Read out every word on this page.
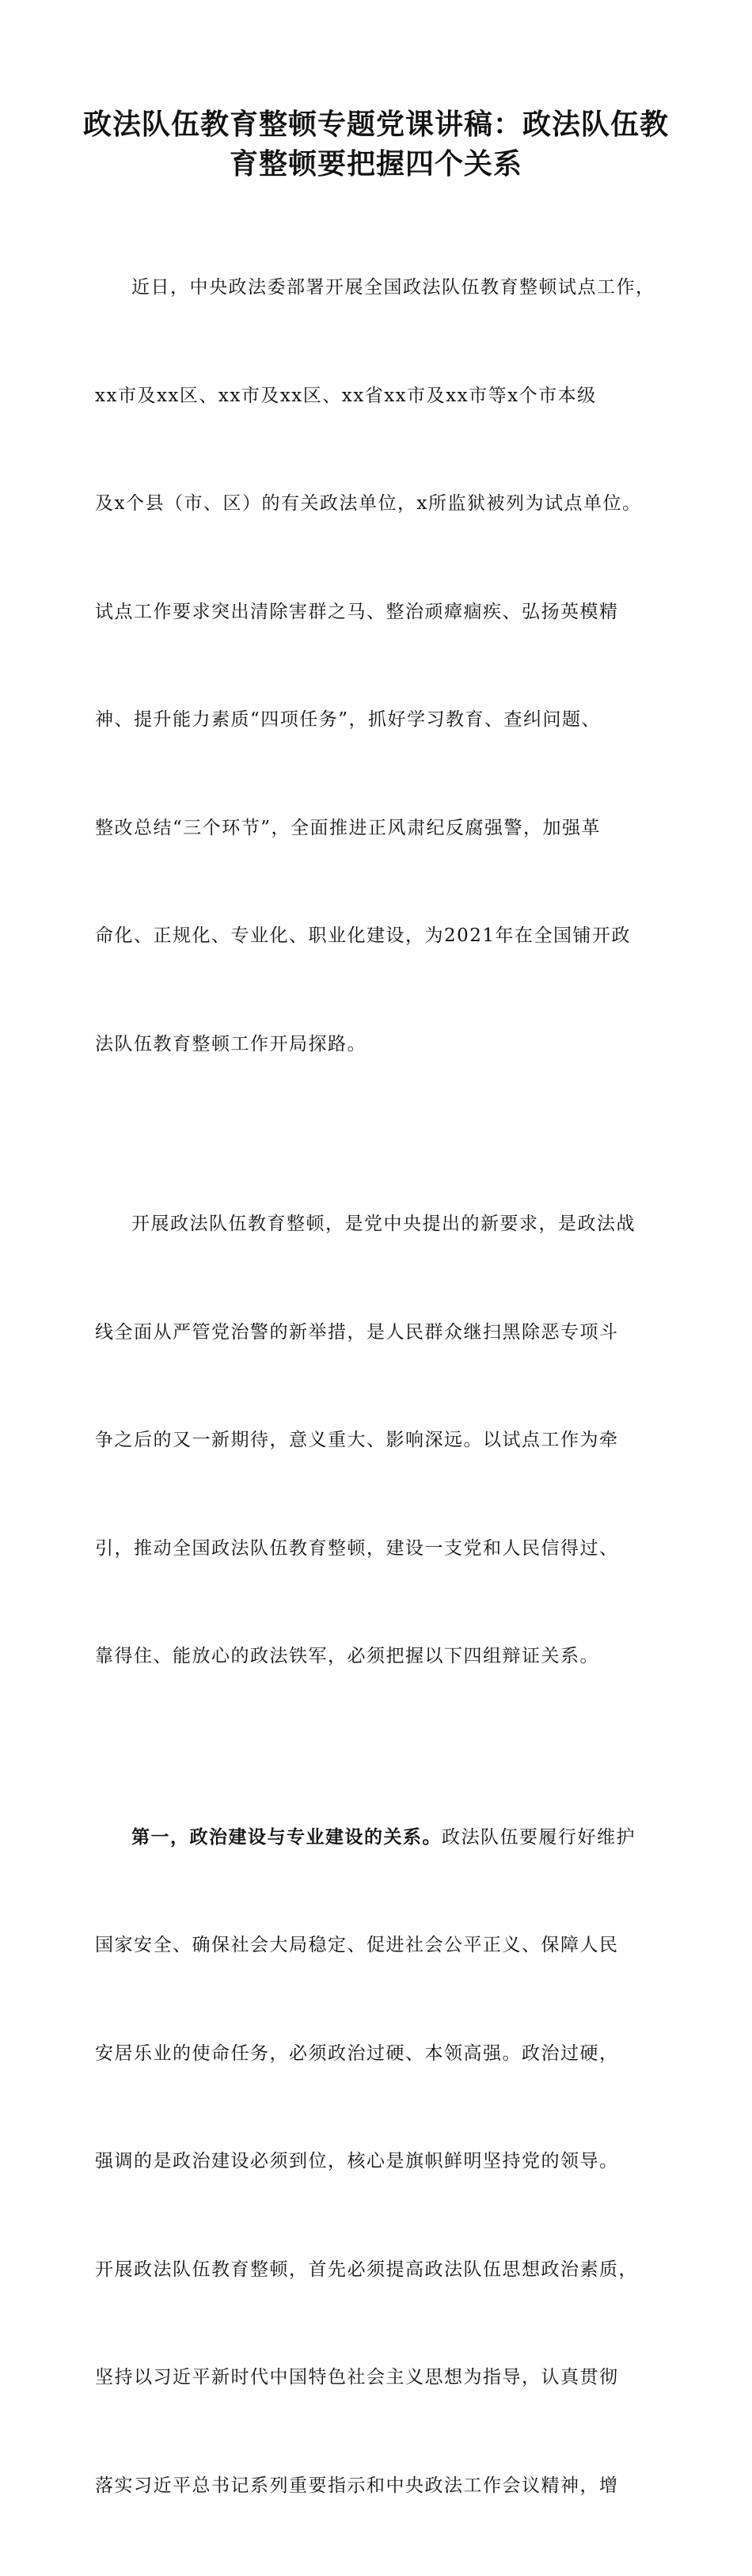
政法队伍教育整顿专题党课讲稿：政法队伍教
育整顿要把握四个关系

近日，中央政法委部署开展全国政法队伍教育整顿试点工作，

xx市及xx区、xx市及xx区、xx省xx市及xx市等x个市本级

及x个县（市、区）的有关政法单位，x所监狱被列为试点单位。

试点工作要求突出清除害群之马、整治顽瘴痼疾、弘扬英模精

神、提升能力素质“四项任务”，抓好学习教育、查纠问题、

整改总结“三个环节”，全面推进正风肃纪反腐强警，加强革

命化、正规化、专业化、职业化建设，为2021年在全国铺开政

法队伍教育整顿工作开局探路。

开展政法队伍教育整顿，是党中央提出的新要求，是政法战

线全面从严管党治警的新举措，是人民群众继扫黑除恶专项斗

争之后的又一新期待，意义重大、影响深远。以试点工作为牵

引，推动全国政法队伍教育整顿，建设一支党和人民信得过、

靠得住、能放心的政法铁军，必须把握以下四组辩证关系。

第一，政治建设与专业建设的关系。政法队伍要履行好维护

国家安全、确保社会大局稳定、促进社会公平正义、保障人民

安居乐业的使命任务，必须政治过硬、本领高强。政治过硬，

强调的是政治建设必须到位，核心是旗帜鲜明坚持党的领导。

开展政法队伍教育整顿，首先必须提高政法队伍思想政治素质，

坚持以习近平新时代中国特色社会主义思想为指导，认真贯彻

落实习近平总书记系列重要指示和中央政法工作会议精神，增
